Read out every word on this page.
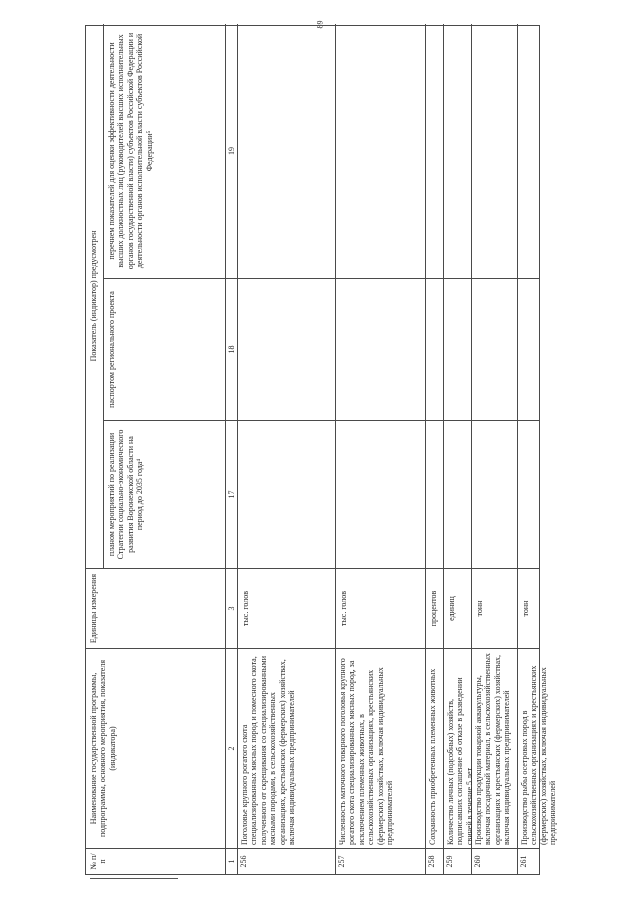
89
№ п/п
Наименование государственной программы, подпрограммы, основного мероприятия, показателя (индикатора)
Единицы измерения
Показатель (индикатор) предусмотрен
планом мероприятий по реализации Стратегии социально-экономического развития Воронежской области на период до 2035 года⁴
паспортом регионального проекта
перечнем показателей для оценки эффективности деятельности высших должностных лиц (руководителей высших исполнительных органов государственной власти) субъектов Российской Федерации и деятельности органов исполнительной власти субъектов Российской Федерации⁵
1
2
3
17
18
19
256
Поголовье крупного рогатого скота специализированных мясных пород и помесного скота, полученного от скрещивания со специализированными мясными породами, в сельскохозяйственных организациях, крестьянских (фермерских) хозяйствах, включая индивидуальных предпринимателей
тыс. голов
257
Численность маточного товарного поголовья крупного рогатого скота специализированных мясных пород, за исключением племенных животных, в сельскохозяйственных организациях, крестьянских (фермерских) хозяйствах, включая индивидуальных предпринимателей
тыс. голов
258
Сохранность приобретенных племенных животных
процентов
259
Количество личных (подсобных) хозяйств, подписавших соглашение об отказе в разведении свиней в течение 5 лет
единиц
260
Производство продукции товарной аквакультуры, включая посадочный материал, в сельскохозяйственных организациях и крестьянских (фермерских) хозяйствах, включая индивидуальных предпринимателей
тонн
261
Производство рыбы осетровых пород в сельскохозяйственных организациях и крестьянских (фермерских) хозяйствах, включая индивидуальных предпринимателей
тонн
